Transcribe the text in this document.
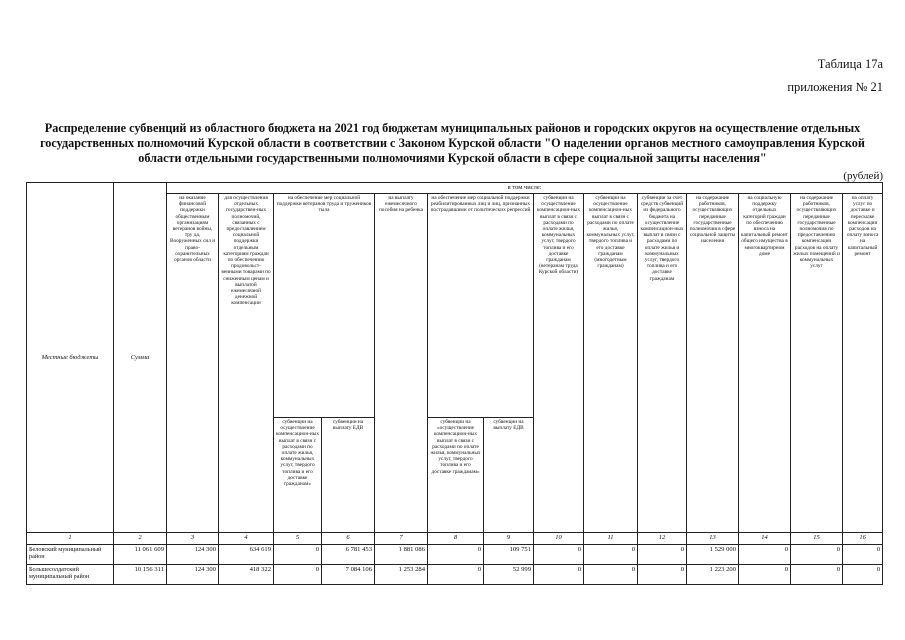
Таблица 17а
приложения № 21
Распределение субвенций из областного бюджета на 2021 год бюджетам муниципальных районов и городских округов на осуществление отдельных государственных полномочий Курской области в соответствии с Законом Курской области "О наделении органов местного самоуправления Курской области отдельными государственными полномочиями Курской области в сфере социальной защиты населения"
(рублей)
Местные бюджеты	Сумма	в том числе:													
		на оказание финансовой поддержки общественным организациям ветеранов войны, тру да, Вооруженных сил и право-охранительных органов области	для осуществления отдельных государствен-ных полномочий, связанных с предоставлением социальной поддержки отдельным категориям граждан по обеспечению продовольст-венными товарами по сниженным ценам и выплатой ежемесячной денежной компенсации	на обеспечение мер социальной поддержки ветеранов труда и тружеников тыла		на выплату ежемесячного пособия на ребенка	на обеспечение мер социальной поддержки реабилитированных лиц и лиц, признанных пострадавшими от политических репрессий		субвенции на осуществление компенсацион-ных выплат в связи с расходами по оплате жилья, коммунальных услуг, твердого топлива и его доставке гражданам (ветеранам труда Курской области)	субвенции на осуществление компенсацион-ных выплат в связи с расходами по оплате жилья, коммунальных услуг, твердого топлива и его доставке гражданам (многодетным гражданам)	субвенции за счет средств субвенций из федерального бюджета на осуществление компенсацион-ных выплат в связи с расходами по оплате жилья и коммунальных услуг, твердого топлива и его доставке гражданам	на содержание работников, осуществляющих переданные государственные полномочия в сфере социальной защиты населения	на социальную поддержку отдельных категорий граждан по обеспечению взноса на капитальный ремонт общего имущества в многоквартирном доме	на содержание работников, осуществляющих переданные государственные полномочия по предоставлению компенсации расходов на оплату жилых помещений и коммунальных услуг	на оплату услуг по доставке и пересылке компенсации расходов на оплату взноса на капитальный ремонт
				субвенции на осуществление компенсацион-ных выплат в связи с расходами по оплате жилья, коммунальных услуг, твердого топлива и его доставке гражданам»	субвенции на выплату ЕДВ		субвенции на «осуществление компенсацион-ных выплат в связи с расходами по оплате жилья, коммунальных услуг, твердого топлива и его доставке гражданам»	субвенции на выплату ЕДВ							
1	2	3	4	5	6	7	8	9	10	11	12	13	14	15	16
Беловский муниципальный район	11 061 609	124 300	634 619	0	6 781 453	1 881 086	0	109 751	0	0	0	1 529 000	0	0	0
Большесолдатский муниципальный район	10 156 311	124 300	418 322	0	7 084 106	1 253 284	0	52 999	0	0	0	1 223 200	0	0	0
